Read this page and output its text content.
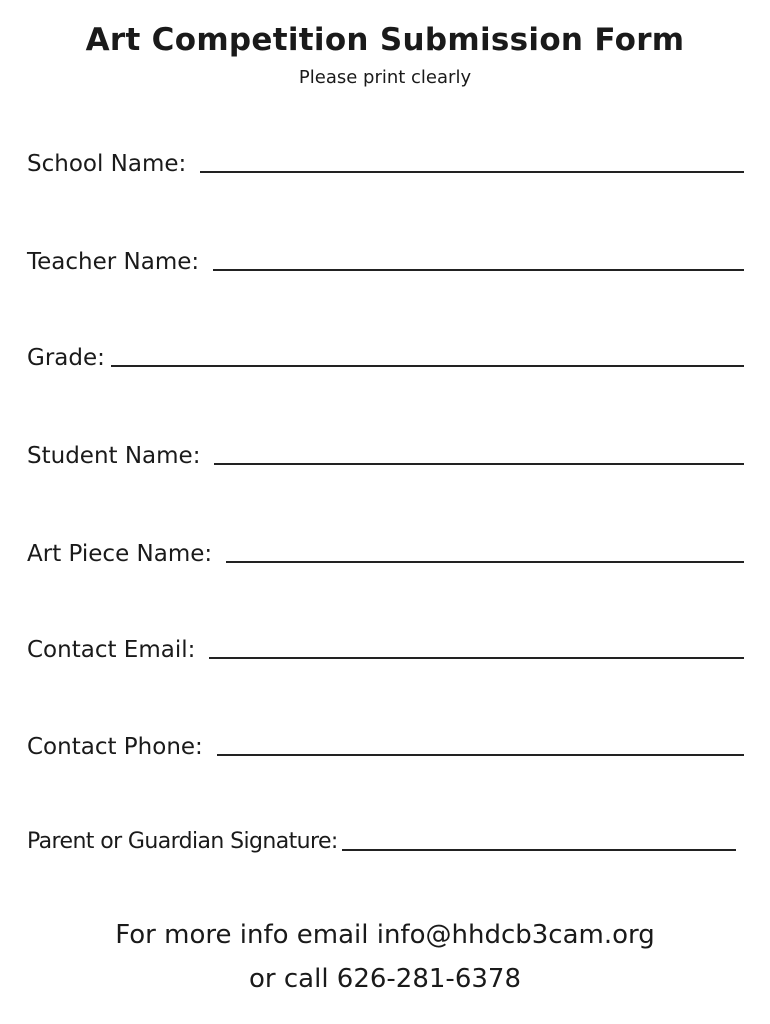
Art Competition Submission Form
Please print clearly
School Name:
Teacher Name:
Grade:
Student Name:
Art Piece Name:
Contact Email:
Contact Phone:
Parent or Guardian Signature:
For more info email info@hhdcb3cam.org
or call 626-281-6378
